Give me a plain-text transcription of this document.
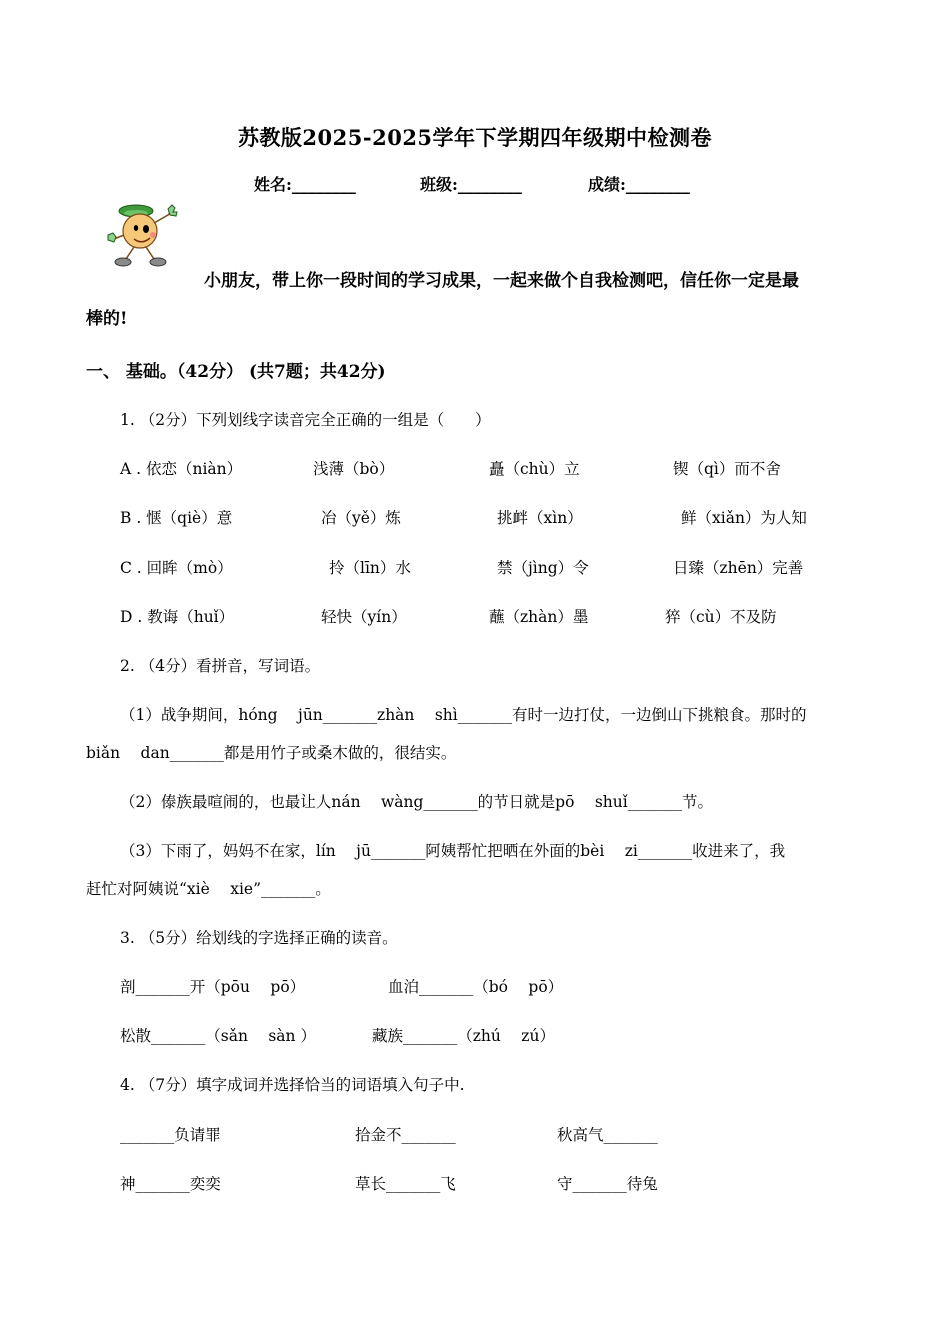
苏教版2025-2025学年下学期四年级期中检测卷
姓名:________	班级:________	成绩:________
小朋友，带上你一段时间的学习成果，一起来做个自我检测吧，信任你一定是最
棒的!
一、 基础。（42分） (共7题；共42分)
1. （2分）下列划线字读音完全正确的一组是（　　）
A . 依恋（niàn）	浅薄（bò）	矗（chù）立	锲（qì）而不舍
B . 惬（qiè）意	冶（yě）炼	挑衅（xìn）	鲜（xiǎn）为人知
C . 回眸（mò）	拎（līn）水	禁（jìng）令	日臻（zhēn）完善
D . 教诲（huǐ）	轻快（yín）	蘸（zhàn）墨	猝（cù）不及防
2. （4分）看拼音，写词语。
（1）战争期间，hóng　 jūn_______zhàn　 shì_______有时一边打仗，一边倒山下挑粮食。那时的
biǎn　 dan_______都是用竹子或桑木做的，很结实。
（2）傣族最喧闹的，也最让人nán　 wàng_______的节日就是pō　 shuǐ_______节。
（3）下雨了，妈妈不在家，lín　 jū_______阿姨帮忙把晒在外面的bèi　 zi_______收进来了，我
赶忙对阿姨说“xiè　 xie”_______。
3. （5分）给划线的字选择正确的读音。
剖_______开（pōu　 pō）	血泊_______（bó　 pō）
松散_______（sǎn　 sàn ）	藏族_______（zhú　 zú）
4. （7分）填字成词并选择恰当的词语填入句子中.
_______负请罪	拾金不_______	秋高气_______
神_______奕奕	草长_______飞	守_______待兔
